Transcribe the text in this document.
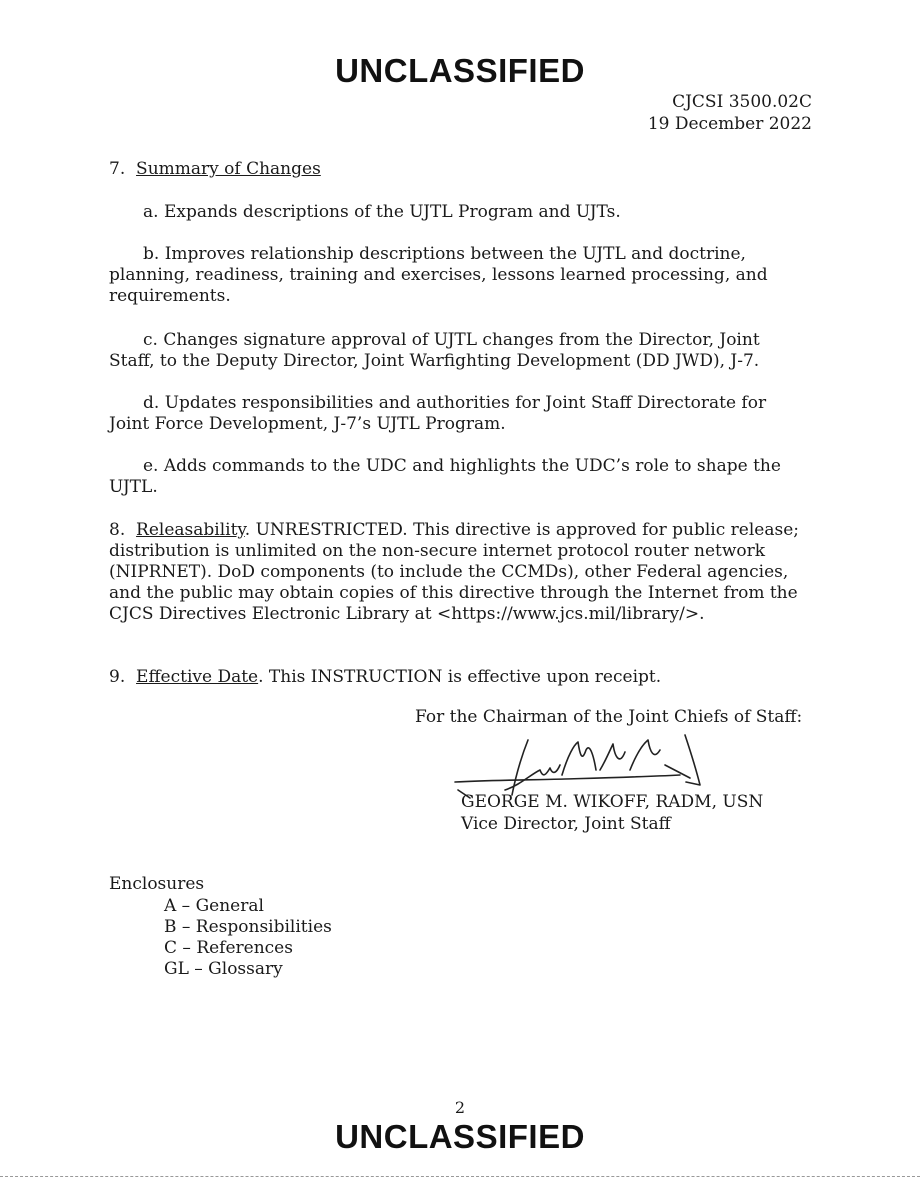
UNCLASSIFIED
CJCSI 3500.02C
19 December 2022

7. Summary of Changes

a. Expands descriptions of the UJTL Program and UJTs.

b. Improves relationship descriptions between the UJTL and doctrine, planning, readiness, training and exercises, lessons learned processing, and requirements.

c. Changes signature approval of UJTL changes from the Director, Joint Staff, to the Deputy Director, Joint Warfighting Development (DD JWD), J-7.

d. Updates responsibilities and authorities for Joint Staff Directorate for Joint Force Development, J-7’s UJTL Program.

e. Adds commands to the UDC and highlights the UDC’s role to shape the UJTL.

8. Releasability. UNRESTRICTED. This directive is approved for public release; distribution is unlimited on the non-secure internet protocol router network (NIPRNET). DoD components (to include the CCMDs), other Federal agencies, and the public may obtain copies of this directive through the Internet from the CJCS Directives Electronic Library at <https://www.jcs.mil/library/>.

9. Effective Date. This INSTRUCTION is effective upon receipt.

For the Chairman of the Joint Chiefs of Staff:
GEORGE M. WIKOFF, RADM, USN
Vice Director, Joint Staff
Enclosures
A – General
B – Responsibilities
C – References
GL – Glossary
2
UNCLASSIFIED
